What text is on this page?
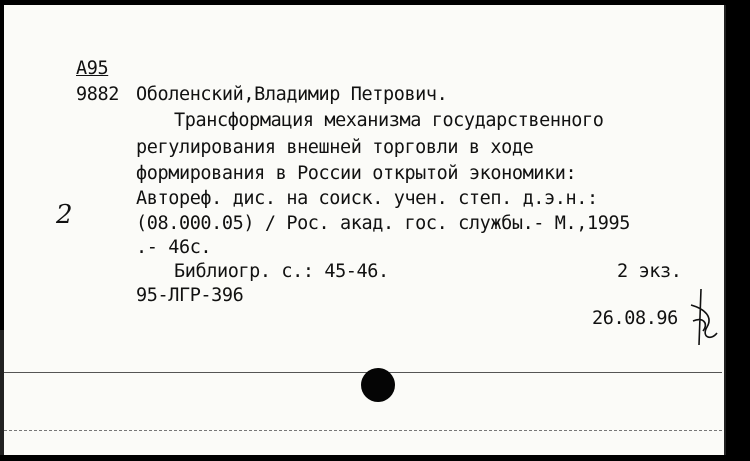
A95
9882 Оболенский,Владимир Петрович.
Трансформация механизма государственного
регулирования внешней торговли в ходе
формирования в России открытой экономики:
Автореф. дис. на соиск. учен. степ. д.э.н.:
(08.000.05) / Рос. акад. гос. службы.- М.,1995
.- 46с.
Библиогр. с.: 45-46.	2 экз.
95-ЛГР-396
26.08.96
2
